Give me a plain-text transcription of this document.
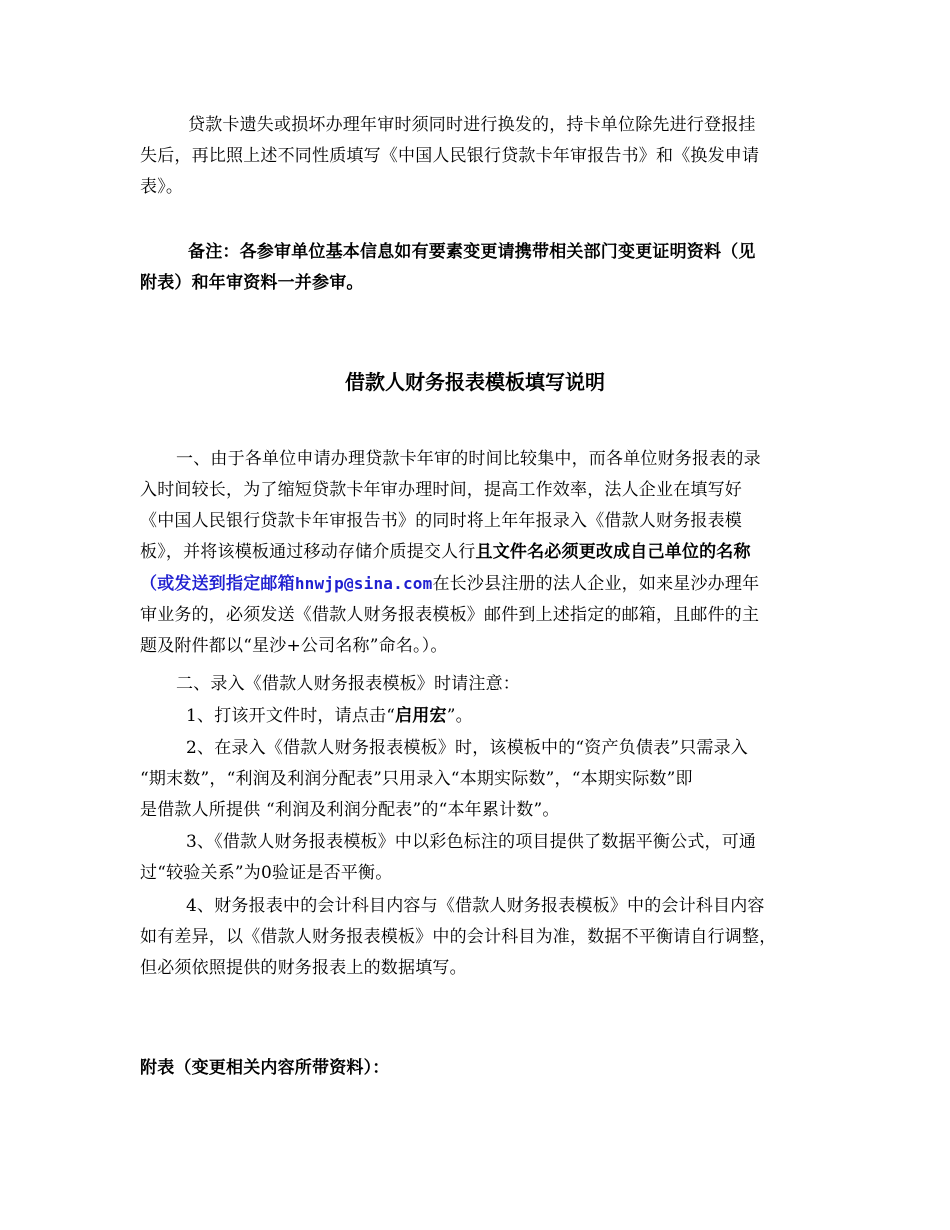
贷款卡遗失或损坏办理年审时须同时进行换发的，持卡单位除先进行登报挂
失后，再比照上述不同性质填写《中国人民银行贷款卡年审报告书》和《换发申请
表》。
备注：各参审单位基本信息如有要素变更请携带相关部门变更证明资料（见
附表）和年审资料一并参审。
借款人财务报表模板填写说明
一、由于各单位申请办理贷款卡年审的时间比较集中，而各单位财务报表的录
入时间较长，为了缩短贷款卡年审办理时间，提高工作效率，法人企业在填写好
《中国人民银行贷款卡年审报告书》的同时将上年年报录入《借款人财务报表模
板》，并将该模板通过移动存储介质提交人行且文件名必须更改成自己单位的名称
（或发送到指定邮箱hnwjp@sina.com在长沙县注册的法人企业，如来星沙办理年
审业务的，必须发送《借款人财务报表模板》邮件到上述指定的邮箱，且邮件的主
题及附件都以“星沙+公司名称”命名。）。
二、录入《借款人财务报表模板》时请注意：
1、打该开文件时，请点击“启用宏”。
2、在录入《借款人财务报表模板》时，该模板中的“资产负债表”只需录入
“期末数”，“利润及利润分配表”只用录入“本期实际数”，“本期实际数”即
是借款人所提供 “利润及利润分配表”的“本年累计数”。
3、《借款人财务报表模板》中以彩色标注的项目提供了数据平衡公式，可通
过“较验关系”为0验证是否平衡。
4、财务报表中的会计科目内容与《借款人财务报表模板》中的会计科目内容
如有差异，以《借款人财务报表模板》中的会计科目为准，数据不平衡请自行调整，
但必须依照提供的财务报表上的数据填写。
附表（变更相关内容所带资料）：
